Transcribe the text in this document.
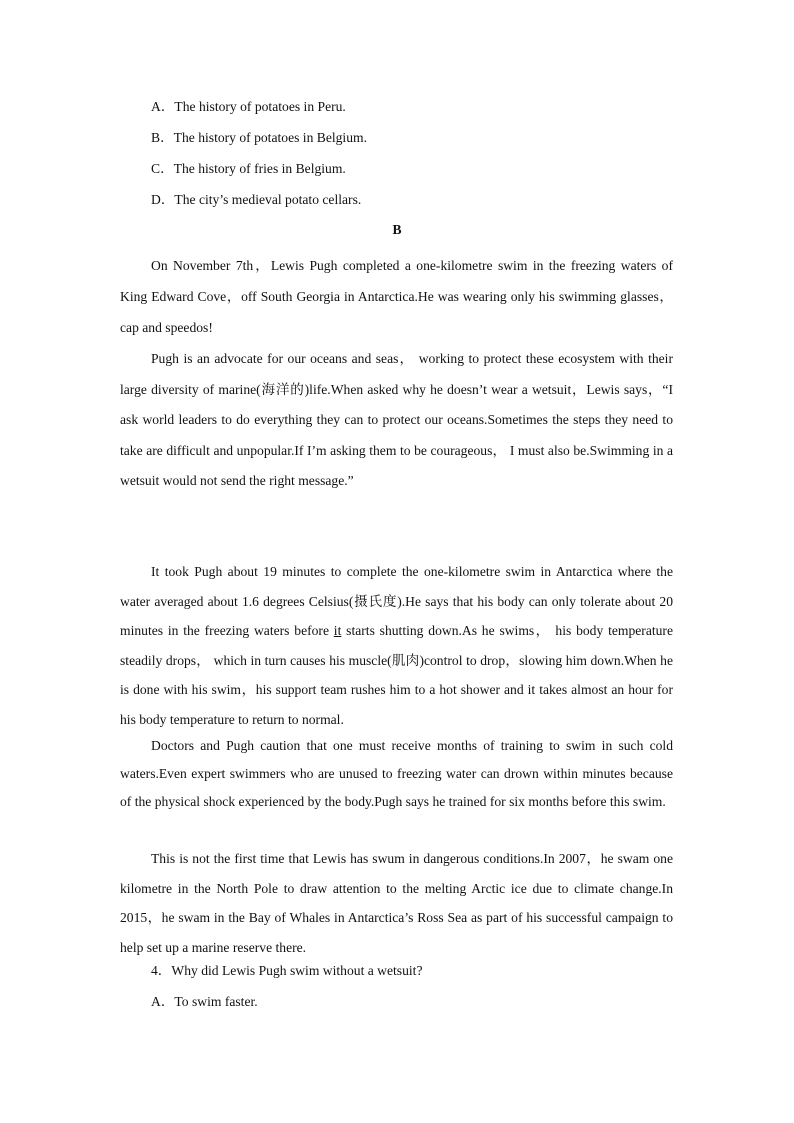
A．The history of potatoes in Peru.
B．The history of potatoes in Belgium.
C．The history of fries in Belgium.
D．The city’s medieval potato cellars.
B

On November 7th，Lewis Pugh completed a one-kilometre swim in the freezing waters of King Edward Cove，off South Georgia in Antarctica.He was wearing only his swimming glasses，cap and speedos!

Pugh is an advocate for our oceans and seas， working to protect these ecosystem with their large diversity of marine(海洋的)life.When asked why he doesn’t wear a wetsuit，Lewis says，“I ask world leaders to do everything they can to protect our oceans.Sometimes the steps they need to take are difficult and unpopular.If I’m asking them to be courageous， I must also be.Swimming in a wetsuit would not send the right message.”

It took Pugh about 19 minutes to complete the one-kilometre swim in Antarctica where the water averaged about 1.6 degrees Celsius(摄氏度).He says that his body can only tolerate about 20 minutes in the freezing waters before it starts shutting down.As he swims， his body temperature steadily drops， which in turn causes his muscle(肌肉)control to drop，slowing him down.When he is done with his swim，his support team rushes him to a hot shower and it takes almost an hour for his body temperature to return to normal.

Doctors and Pugh caution that one must receive months of training to swim in such cold waters.Even expert swimmers who are unused to freezing water can drown within minutes because of the physical shock experienced by the body.Pugh says he trained for six months before this swim.

This is not the first time that Lewis has swum in dangerous conditions.In 2007，he swam one kilometre in the North Pole to draw attention to the melting Arctic ice due to climate change.In 2015，he swam in the Bay of Whales in Antarctica’s Ross Sea as part of his successful campaign to help set up a marine reserve there.

4．Why did Lewis Pugh swim without a wetsuit?
A．To swim faster.
